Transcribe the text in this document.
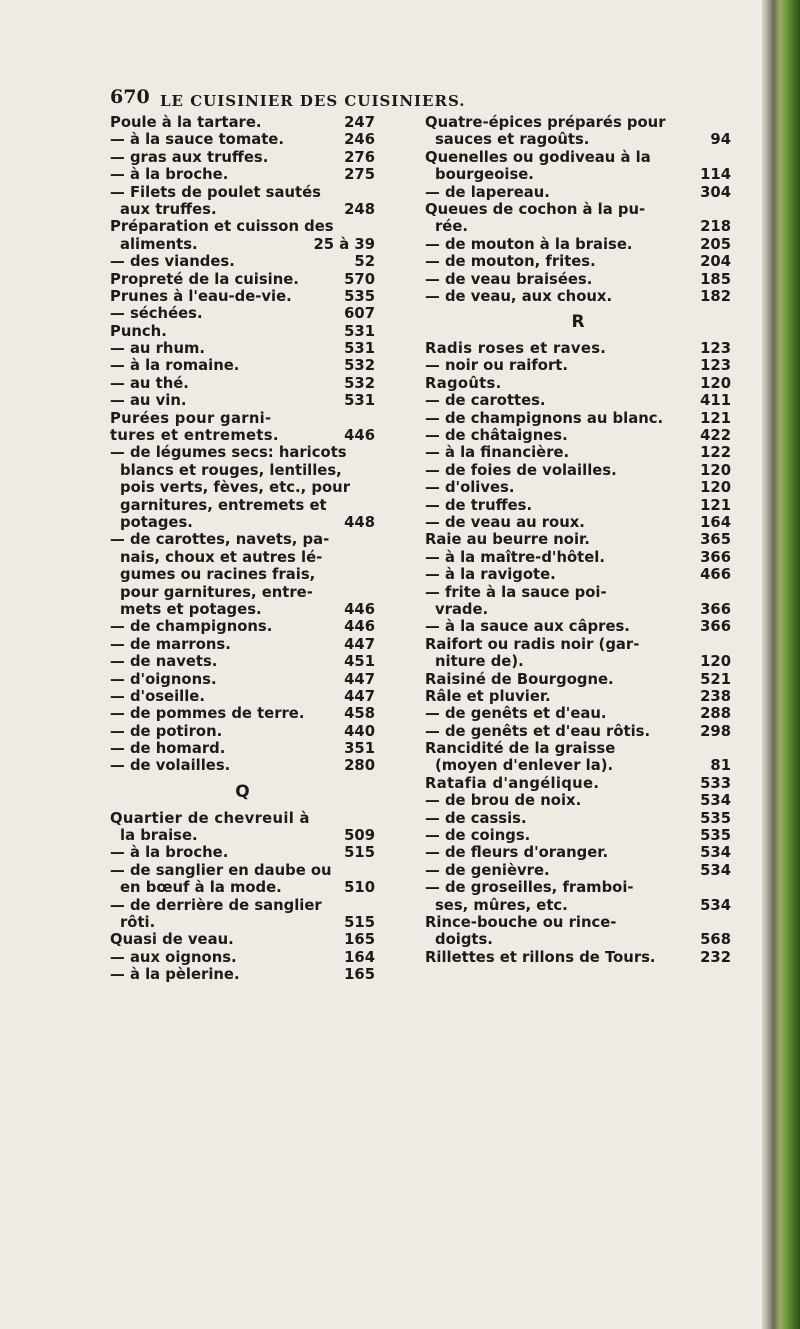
670 LE CUISINIER DES CUISINIERS.
Poule à la tartare.	247
— à la sauce tomate.	246
— gras aux truffes.	276
— à la broche.	275
— Filets de poulet sautés
aux truffes.	248
Préparation et cuisson des
aliments.	25 à 39
— des viandes.	52
Propreté de la cuisine.	570
Prunes à l'eau-de-vie.	535
— séchées.	607
Punch.	531
— au rhum.	531
— à la romaine.	532
— au thé.	532
— au vin.	531
Purées pour garni-
tures et entremets.	446
— de légumes secs: haricots
blancs et rouges, lentilles,
pois verts, fèves, etc., pour
garnitures, entremets et
potages.	448
— de carottes, navets, pa-
nais, choux et autres lé-
gumes ou racines frais,
pour garnitures, entre-
mets et potages.	446
— de champignons.	446
— de marrons.	447
— de navets.	451
— d'oignons.	447
— d'oseille.	447
— de pommes de terre.	458
— de potiron.	440
— de homard.	351
— de volailles.	280
Q
Quartier de chevreuil à
la braise.	509
— à la broche.	515
— de sanglier en daube ou
en bœuf à la mode.	510
— de derrière de sanglier
rôti.	515
Quasi de veau.	165
— aux oignons.	164
— à la pèlerine.	165
Quatre-épices préparés pour
sauces et ragoûts.	94
Quenelles ou godiveau à la
bourgeoise.	114
— de lapereau.	304
Queues de cochon à la pu-
rée.	218
— de mouton à la braise.	205
— de mouton, frites.	204
— de veau braisées.	185
— de veau, aux choux.	182
R
Radis roses et raves.	123
— noir ou raifort.	123
Ragoûts.	120
— de carottes.	411
— de champignons au blanc. 121
— de châtaignes.	422
— à la financière.	122
— de foies de volailles.	120
— d'olives.	120
— de truffes.	121
— de veau au roux.	164
Raie au beurre noir.	365
— à la maître-d'hôtel.	366
— à la ravigote.	466
— frite à la sauce poi-
vrade.	366
— à la sauce aux câpres.	366
Raifort ou radis noir (gar-
niture de).	120
Raisiné de Bourgogne.	521
Râle et pluvier.	238
— de genêts et d'eau.	288
— de genêts et d'eau rôtis.	298
Rancidité de la graisse
(moyen d'enlever la).	81
Ratafia d'angélique.	533
— de brou de noix.	534
— de cassis.	535
— de coings.	535
— de fleurs d'oranger.	534
— de genièvre.	534
— de groseilles, framboi-
ses, mûres, etc.	534
Rince-bouche ou rince-
doigts.	568
Rillettes et rillons de Tours.	232
